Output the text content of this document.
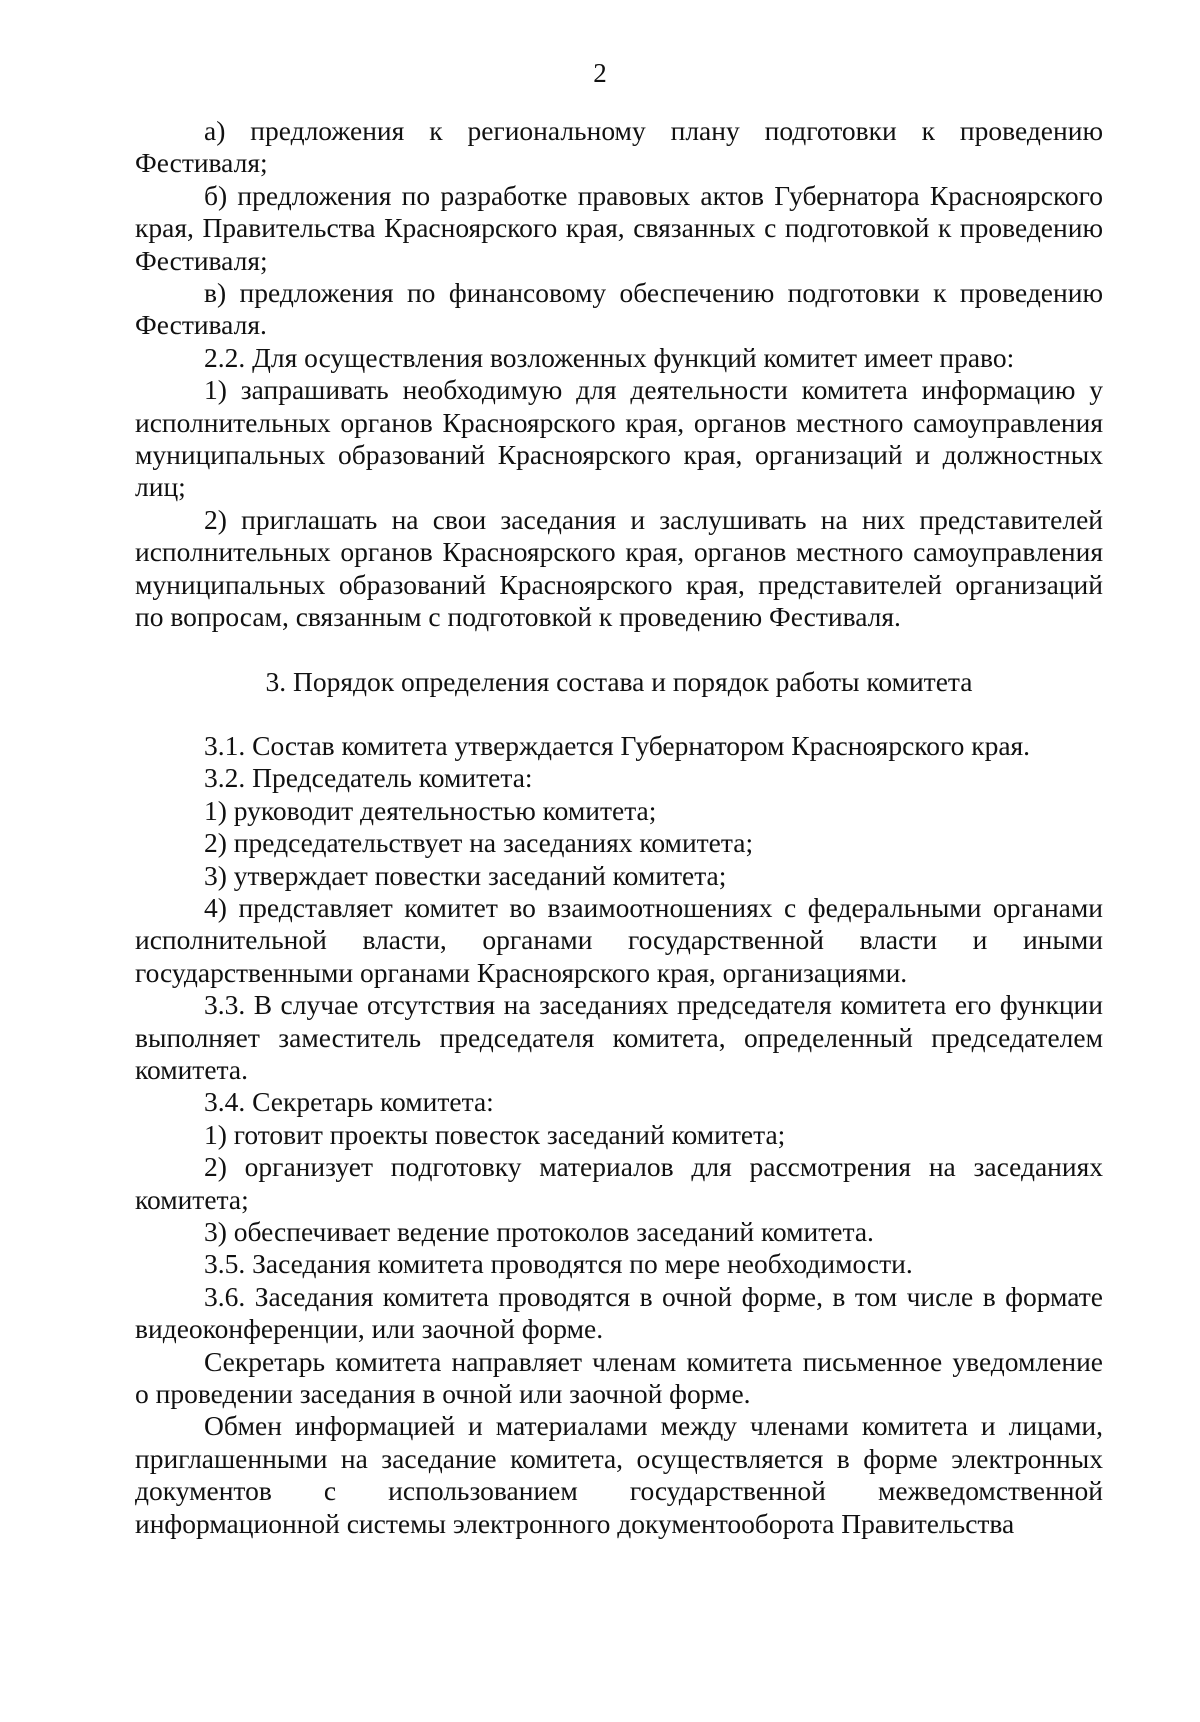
2

а) предложения к региональному плану подготовки к проведению Фестиваля;

б) предложения по разработке правовых актов Губернатора Красноярского края, Правительства Красноярского края, связанных с подготовкой к проведению Фестиваля;

в) предложения по финансовому обеспечению подготовки к проведению Фестиваля.

2.2. Для осуществления возложенных функций комитет имеет право:

1) запрашивать необходимую для деятельности комитета информацию у исполнительных органов Красноярского края, органов местного самоуправления муниципальных образований Красноярского края, организаций и должностных лиц;

2) приглашать на свои заседания и заслушивать на них представителей исполнительных органов Красноярского края, органов местного самоуправления муниципальных образований Красноярского края, представителей организаций по вопросам, связанным с подготовкой к проведению Фестиваля.

3. Порядок определения состава и порядок работы комитета

3.1. Состав комитета утверждается Губернатором Красноярского края.

3.2. Председатель комитета:

1) руководит деятельностью комитета;

2) председательствует на заседаниях комитета;

3) утверждает повестки заседаний комитета;

4) представляет комитет во взаимоотношениях с федеральными органами исполнительной власти, органами государственной власти и иными государственными органами Красноярского края, организациями.

3.3. В случае отсутствия на заседаниях председателя комитета его функции выполняет заместитель председателя комитета, определенный председателем комитета.

3.4. Секретарь комитета:

1) готовит проекты повесток заседаний комитета;

2) организует подготовку материалов для рассмотрения на заседаниях комитета;

3) обеспечивает ведение протоколов заседаний комитета.

3.5. Заседания комитета проводятся по мере необходимости.

3.6. Заседания комитета проводятся в очной форме, в том числе в формате видеоконференции, или заочной форме.

Секретарь комитета направляет членам комитета письменное уведомление о проведении заседания в очной или заочной форме.

Обмен информацией и материалами между членами комитета и лицами, приглашенными на заседание комитета, осуществляется в форме электронных документов с использованием государственной межведомственной информационной системы электронного документооборота Правительства
